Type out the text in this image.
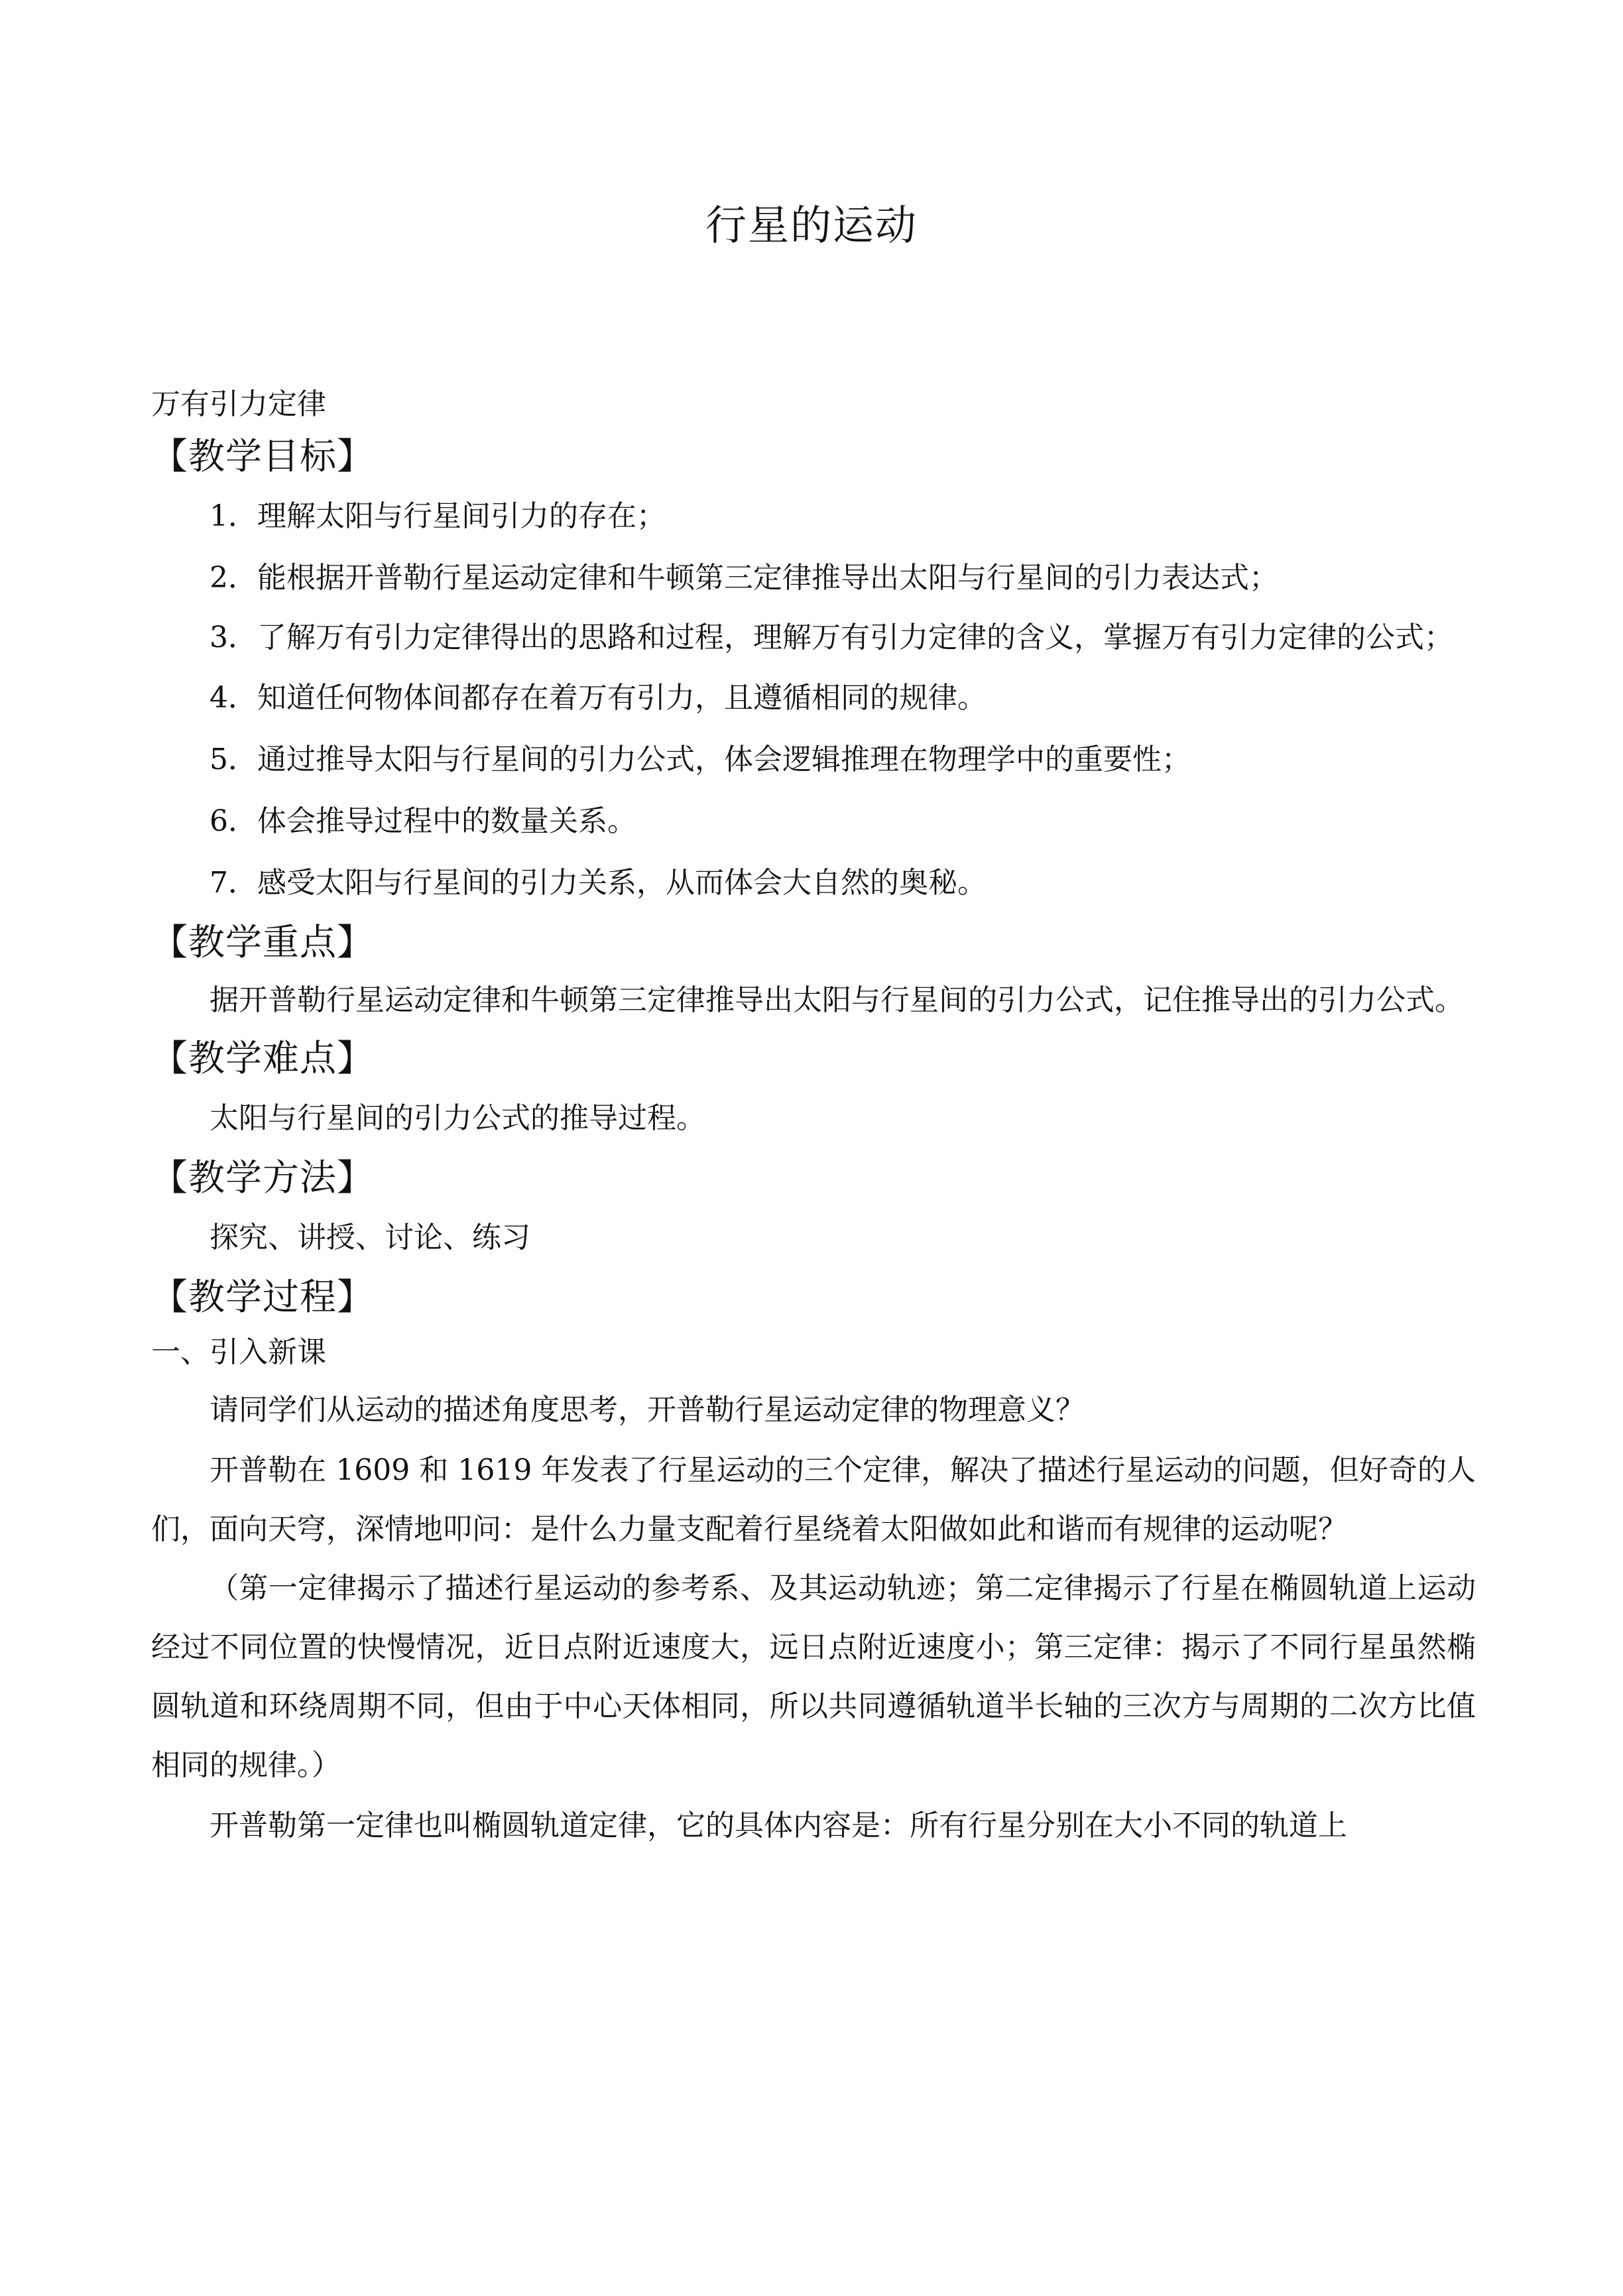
行星的运动

万有引力定律

【教学目标】

1．理解太阳与行星间引力的存在；

2．能根据开普勒行星运动定律和牛顿第三定律推导出太阳与行星间的引力表达式；

3．了解万有引力定律得出的思路和过程，理解万有引力定律的含义，掌握万有引力定律的公式；

4．知道任何物体间都存在着万有引力，且遵循相同的规律。

5．通过推导太阳与行星间的引力公式，体会逻辑推理在物理学中的重要性；

6．体会推导过程中的数量关系。

7．感受太阳与行星间的引力关系，从而体会大自然的奥秘。

【教学重点】

据开普勒行星运动定律和牛顿第三定律推导出太阳与行星间的引力公式，记住推导出的引力公式。

【教学难点】

太阳与行星间的引力公式的推导过程。

【教学方法】

探究、讲授、讨论、练习

【教学过程】

一、引入新课

请同学们从运动的描述角度思考，开普勒行星运动定律的物理意义？

开普勒在 1609 和 1619 年发表了行星运动的三个定律，解决了描述行星运动的问题，但好奇的人们，面向天穹，深情地叩问：是什么力量支配着行星绕着太阳做如此和谐而有规律的运动呢？

（第一定律揭示了描述行星运动的参考系、及其运动轨迹；第二定律揭示了行星在椭圆轨道上运动经过不同位置的快慢情况，近日点附近速度大，远日点附近速度小；第三定律：揭示了不同行星虽然椭圆轨道和环绕周期不同，但由于中心天体相同，所以共同遵循轨道半长轴的三次方与周期的二次方比值相同的规律。）

开普勒第一定律也叫椭圆轨道定律，它的具体内容是：所有行星分别在大小不同的轨道上
